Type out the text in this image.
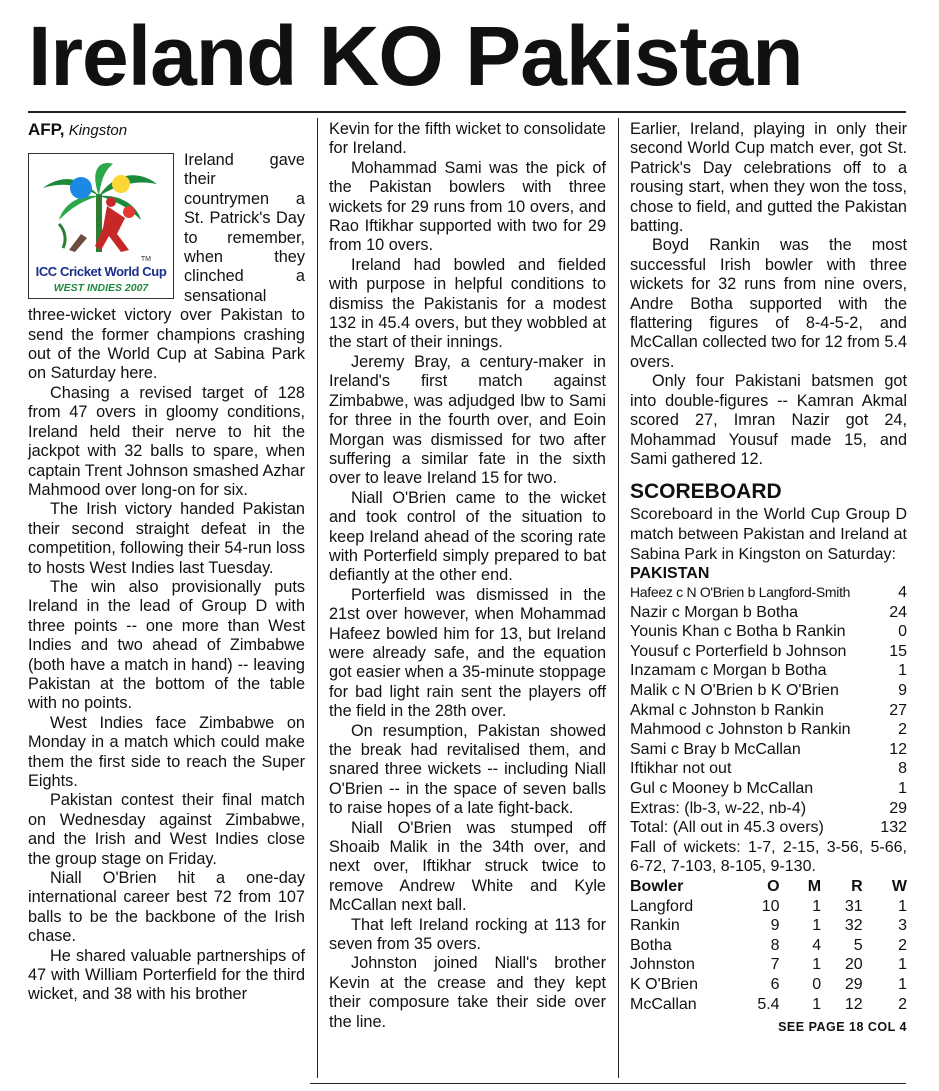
Ireland KO Pakistan
AFP, Kingston
TM
ICC Cricket World Cup
WEST INDIES 2007

Ireland gave their countrymen a St. Patrick's Day to remember, when they clinched a sensational three-wicket victory over Pakistan to send the former champions crashing out of the World Cup at Sabina Park on Saturday here.

Chasing a revised target of 128 from 47 overs in gloomy conditions, Ireland held their nerve to hit the jackpot with 32 balls to spare, when captain Trent Johnson smashed Azhar Mahmood over long-on for six.

The Irish victory handed Pakistan their second straight defeat in the competition, following their 54-run loss to hosts West Indies last Tuesday.

The win also provisionally puts Ireland in the lead of Group D with three points -- one more than West Indies and two ahead of Zimbabwe (both have a match in hand) -- leaving Pakistan at the bottom of the table with no points.

West Indies face Zimbabwe on Monday in a match which could make them the first side to reach the Super Eights.

Pakistan contest their final match on Wednesday against Zimbabwe, and the Irish and West Indies close the group stage on Friday.

Niall O'Brien hit a one-day international career best 72 from 107 balls to be the backbone of the Irish chase.

He shared valuable partnerships of 47 with William Porterfield for the third wicket, and 38 with his brother

Kevin for the fifth wicket to consolidate for Ireland.

Mohammad Sami was the pick of the Pakistan bowlers with three wickets for 29 runs from 10 overs, and Rao Iftikhar supported with two for 29 from 10 overs.

Ireland had bowled and fielded with purpose in helpful conditions to dismiss the Pakistanis for a modest 132 in 45.4 overs, but they wobbled at the start of their innings.

Jeremy Bray, a century-maker in Ireland's first match against Zimbabwe, was adjudged lbw to Sami for three in the fourth over, and Eoin Morgan was dismissed for two after suffering a similar fate in the sixth over to leave Ireland 15 for two.

Niall O'Brien came to the wicket and took control of the situation to keep Ireland ahead of the scoring rate with Porterfield simply prepared to bat defiantly at the other end.

Porterfield was dismissed in the 21st over however, when Mohammad Hafeez bowled him for 13, but Ireland were already safe, and the equation got easier when a 35-minute stoppage for bad light rain sent the players off the field in the 28th over.

On resumption, Pakistan showed the break had revitalised them, and snared three wickets -- including Niall O'Brien -- in the space of seven balls to raise hopes of a late fight-back.

Niall O'Brien was stumped off Shoaib Malik in the 34th over, and next over, Iftikhar struck twice to remove Andrew White and Kyle McCallan next ball.

That left Ireland rocking at 113 for seven from 35 overs.

Johnston joined Niall's brother Kevin at the crease and they kept their composure take their side over the line.

Earlier, Ireland, playing in only their second World Cup match ever, got St. Patrick's Day celebrations off to a rousing start, when they won the toss, chose to field, and gutted the Pakistan batting.

Boyd Rankin was the most successful Irish bowler with three wickets for 32 runs from nine overs, Andre Botha supported with the flattering figures of 8-4-5-2, and McCallan collected two for 12 from 5.4 overs.

Only four Pakistani batsmen got into double-figures -- Kamran Akmal scored 27, Imran Nazir got 24, Mohammad Yousuf made 15, and Sami gathered 12.

SCOREBOARD
Scoreboard in the World Cup Group D match between Pakistan and Ireland at Sabina Park in Kingston on Saturday:
PAKISTAN
Hafeez c N O'Brien b Langford-Smith	4
Nazir c Morgan b Botha	24
Younis Khan c Botha b Rankin	0
Yousuf c Porterfield b Johnson	15
Inzamam c Morgan b Botha	1
Malik c N O'Brien b K O'Brien	9
Akmal c Johnston b Rankin	27
Mahmood c Johnston b Rankin	2
Sami c Bray b McCallan	12
Iftikhar not out	8
Gul c Mooney b McCallan	1
Extras: (lb-3, w-22, nb-4)	29
Total: (All out in 45.3 overs)	132
Fall of wickets: 1-7, 2-15, 3-56, 5-66, 6-72, 7-103, 8-105, 9-130.
Bowler	O	M	R	W
Langford	10	1	31	1
Rankin	9	1	32	3
Botha	8	4	5	2
Johnston	7	1	20	1
K O'Brien	6	0	29	1
McCallan	5.4	1	12	2
SEE PAGE 18 COL 4
